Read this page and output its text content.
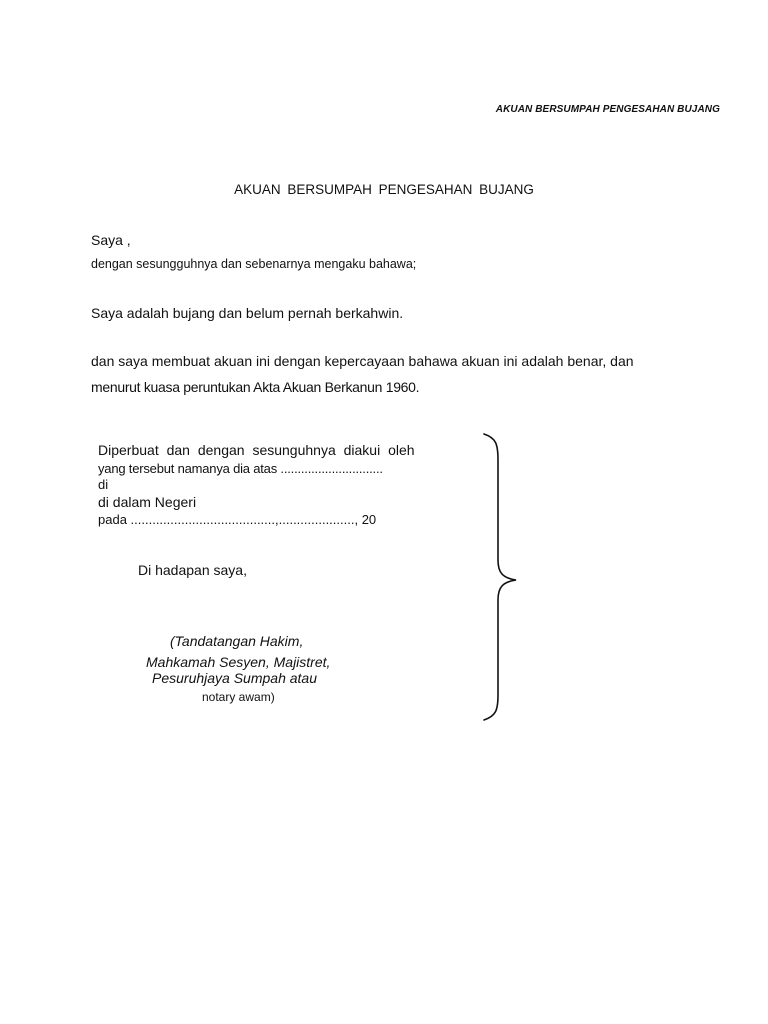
AKUAN BERSUMPAH PENGESAHAN BUJANG
AKUAN BERSUMPAH PENGESAHAN BUJANG
Saya ,
dengan sesungguhnya dan sebenarnya mengaku bahawa;
Saya adalah bujang dan belum pernah berkahwin.
dan saya membuat akuan ini dengan kepercayaan bahawa akuan ini adalah benar, dan
menurut kuasa peruntukan Akta Akuan Berkanun 1960.
Diperbuat dan dengan sesunguhnya diakui oleh
yang tersebut namanya dia atas ..............................
di
di dalam Negeri
pada ........................................,....................., 20
Di hadapan saya,
(Tandatangan Hakim,
Mahkamah Sesyen, Majistret,
Pesuruhjaya Sumpah atau
notary awam)
